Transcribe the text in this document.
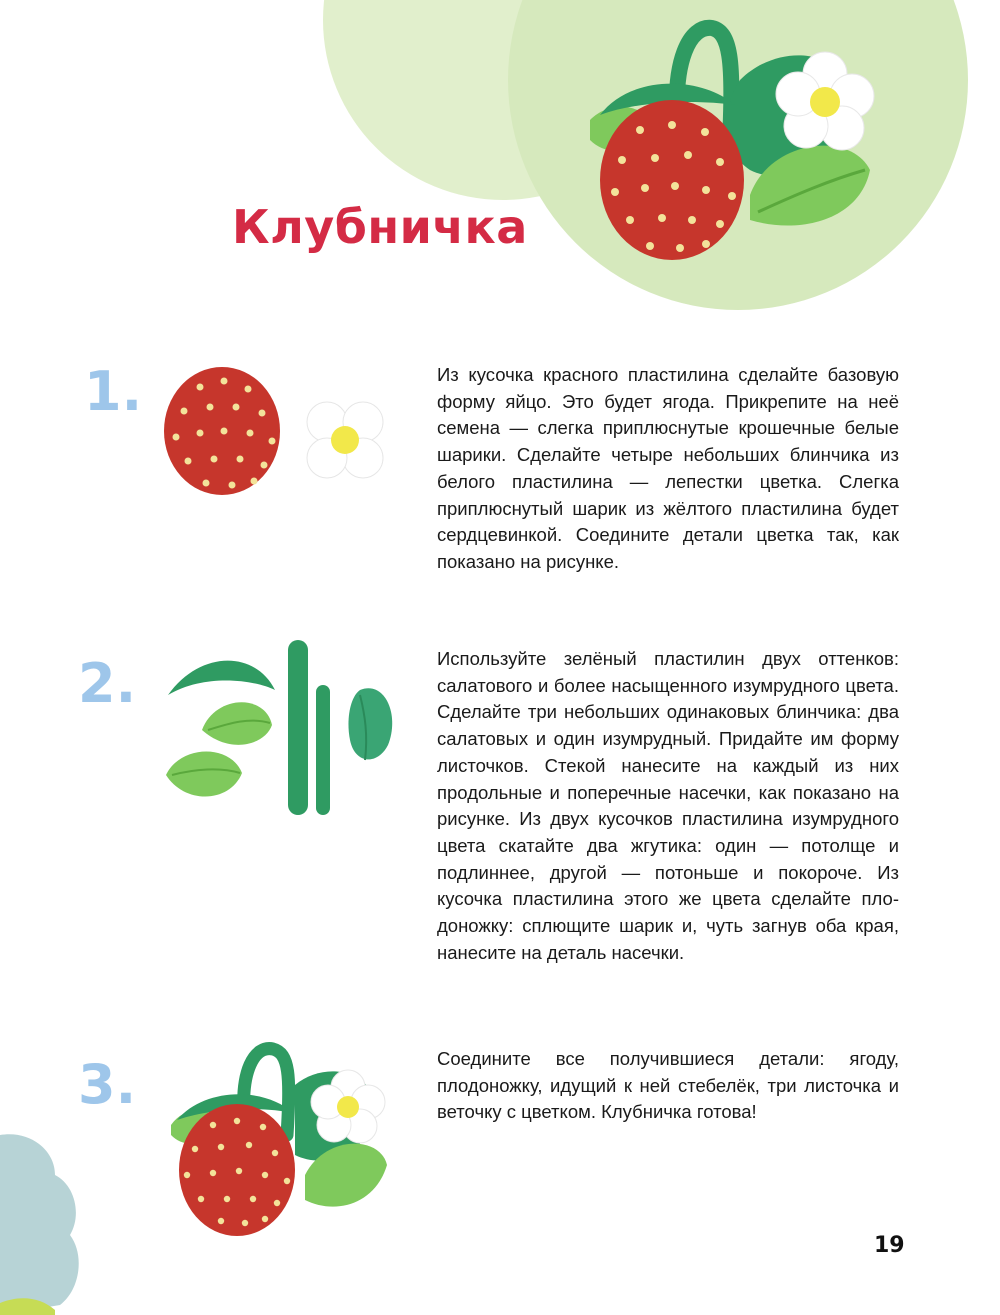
Клубничка
1.	Из кусочка красного пластилина сделайте базовую форму яйцо. Это будет ягода. Прикрепите на неё семена — слегка приплюснутые крошечные белые шарики. Сделайте четыре небольших блинчика из белого пластилина — лепестки цветка. Слегка приплюснутый шарик из жёлтого пластилина будет сердцевинкой. Соедините детали цветка так, как показано на рисунке.

2.	Используйте зелёный пластилин двух оттенков: салатового и более насыщенного изумрудного цвета. Сделайте три небольших одинаковых блинчика: два салатовых и один изумрудный. Придайте им форму листочков. Стекой нанесите на каждый из них продольные и поперечные насечки, как показано на рисунке. Из двух кусочков пластилина изумрудного цвета скатайте два жгутика: один — потолще и подлиннее, другой — потоньше и покороче. Из кусочка пластилина этого же цвета сделайте плодоножку: сплющите шарик и, чуть загнув оба края, нанесите на деталь насечки.

3.	Соедините все получившиеся детали: ягоду, плодоножку, идущий к ней стебелёк, три листочка и веточку с цветком. Клубничка готова!

19
